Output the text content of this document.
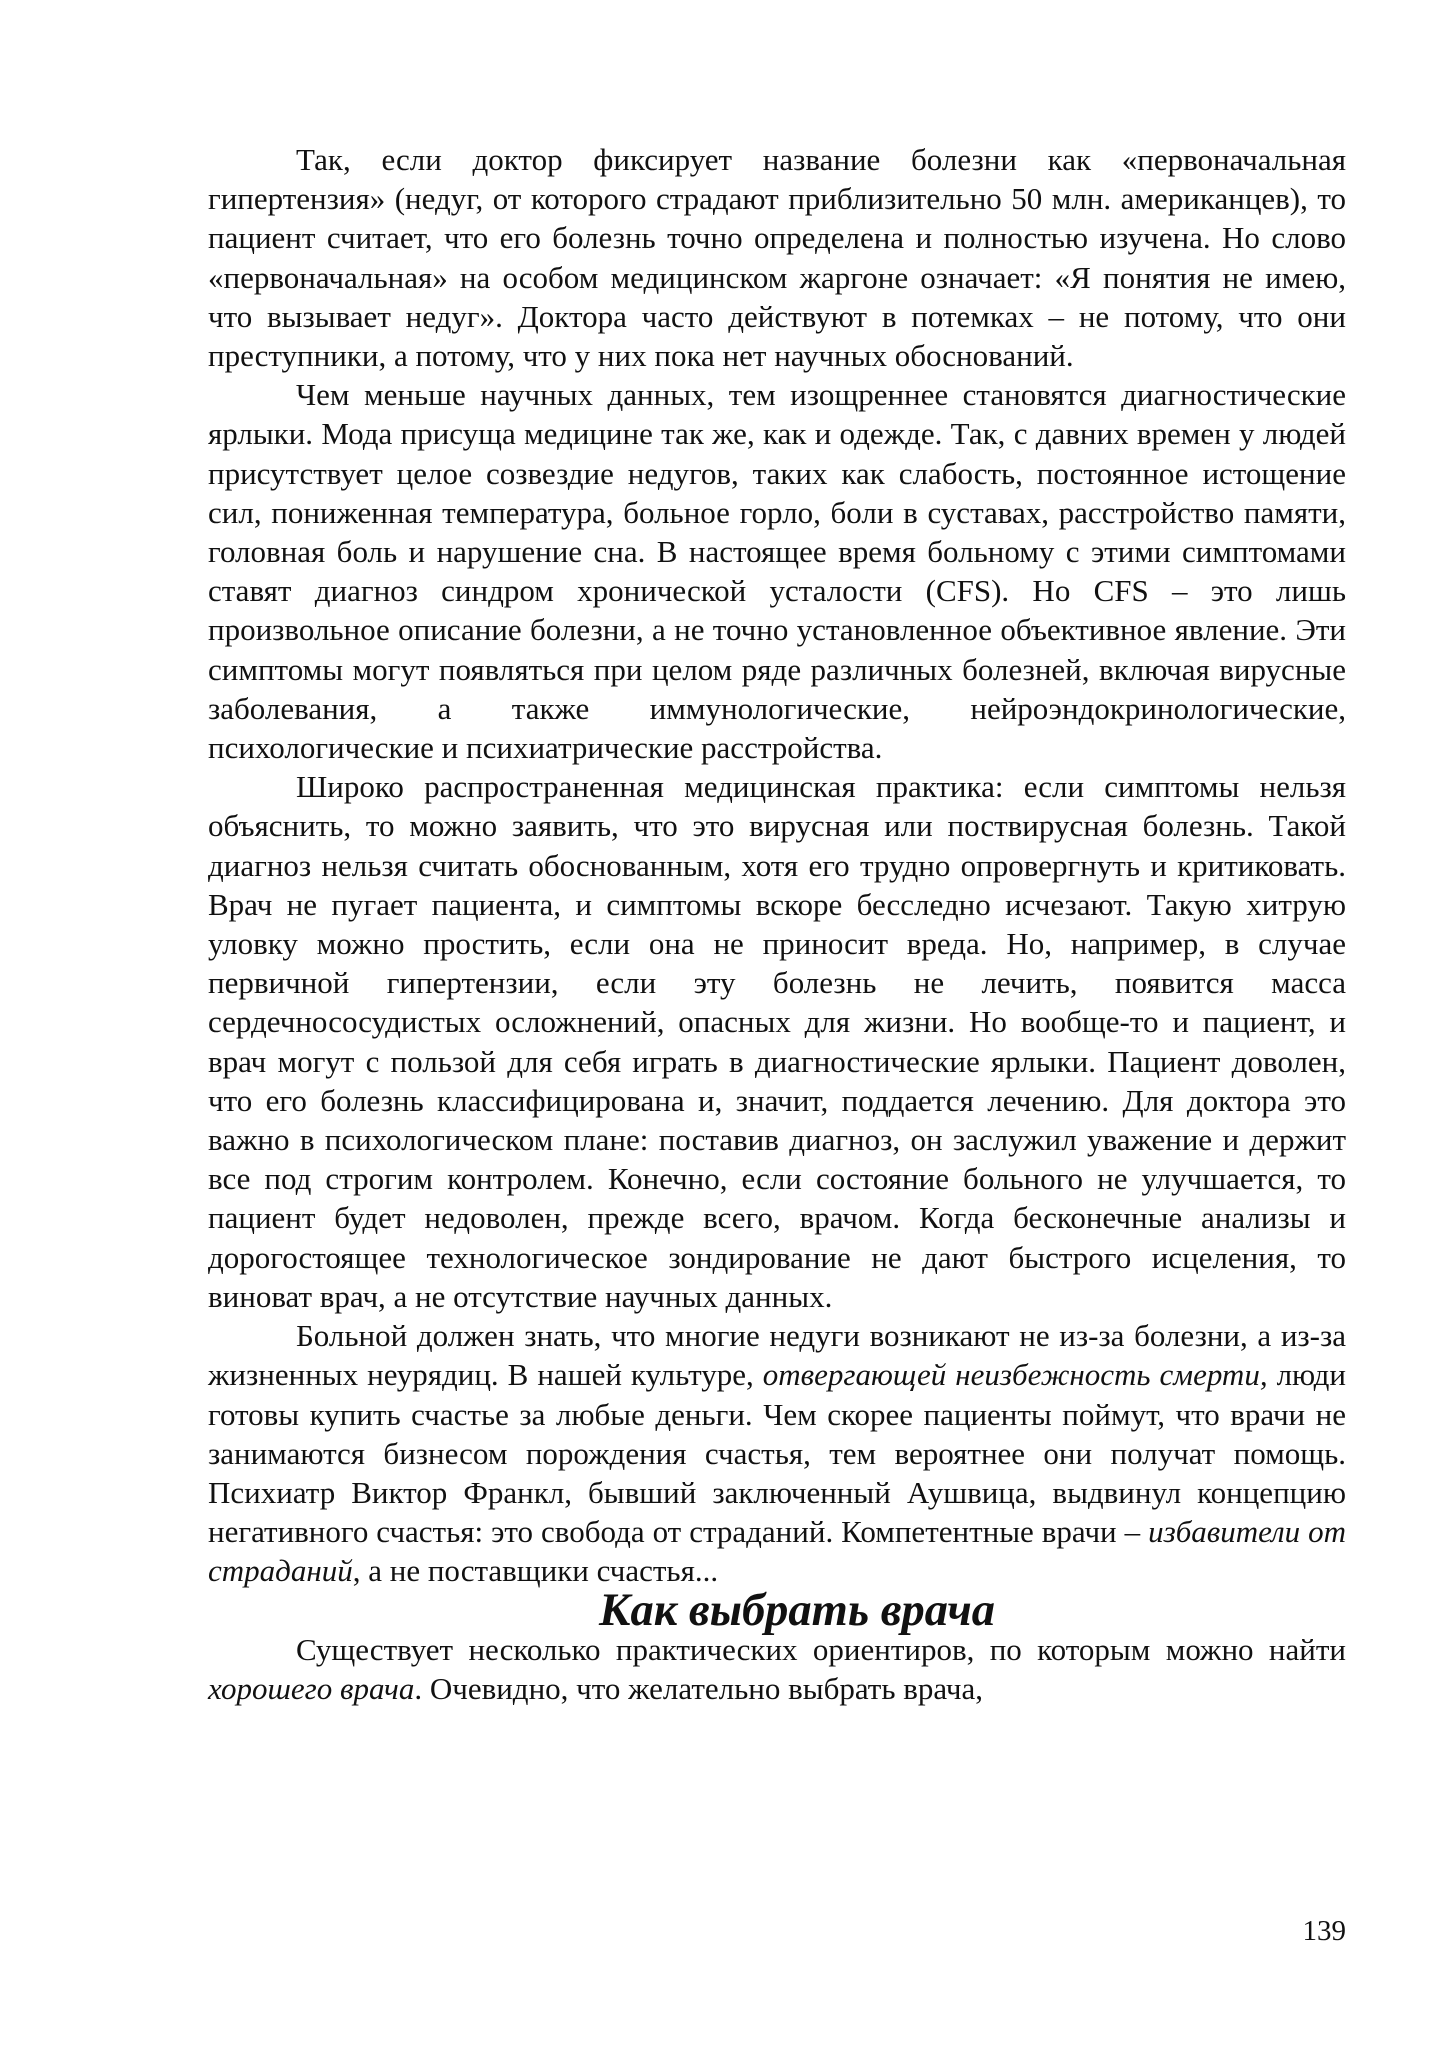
Так, если доктор фиксирует название болезни как «первоначальная гипертензия» (недуг, от которого страдают приблизительно 50 млн. американцев), то пациент считает, что его болезнь точно определена и полностью изучена. Но слово «первоначальная» на особом медицинском жаргоне означает: «Я понятия не имею, что вызывает недуг». Доктора часто действуют в потемках – не потому, что они преступники, а потому, что у них пока нет научных обоснований.

Чем меньше научных данных, тем изощреннее становятся диагностические ярлыки. Мода присуща медицине так же, как и одежде. Так, с давних времен у людей присутствует целое созвездие недугов, таких как слабость, постоянное истощение сил, пониженная температура, больное горло, боли в суставах, расстройство памяти, головная боль и нарушение сна. В настоящее время больному с этими симптомами ставят диагноз синдром хронической усталости (CFS). Но CFS – это лишь произвольное описание болезни, а не точно установленное объективное явление. Эти симптомы могут появляться при целом ряде различных болезней, включая вирусные заболевания, а также иммунологические, нейроэндокринологические, психологические и психиатрические расстройства.

Широко распространенная медицинская практика: если симптомы нельзя объяснить, то можно заявить, что это вирусная или поствирусная болезнь. Такой диагноз нельзя считать обоснованным, хотя его трудно опровергнуть и критиковать. Врач не пугает пациента, и симптомы вскоре бесследно исчезают. Такую хитрую уловку можно простить, если она не приносит вреда. Но, например, в случае первичной гипертензии, если эту болезнь не лечить, появится масса сердечнососудистых осложнений, опасных для жизни. Но вообще-то и пациент, и врач могут с пользой для себя играть в диагностические ярлыки. Пациент доволен, что его болезнь классифицирована и, значит, поддается лечению. Для доктора это важно в психологическом плане: поставив диагноз, он заслужил уважение и держит все под строгим контролем. Конечно, если состояние больного не улучшается, то пациент будет недоволен, прежде всего, врачом. Когда бесконечные анализы и дорогостоящее технологическое зондирование не дают быстрого исцеления, то виноват врач, а не отсутствие научных данных.

Больной должен знать, что многие недуги возникают не из-за болезни, а из-за жизненных неурядиц. В нашей культуре, отвергающей неизбежность смерти, люди готовы купить счастье за любые деньги. Чем скорее пациенты поймут, что врачи не занимаются бизнесом порождения счастья, тем вероятнее они получат помощь. Психиатр Виктор Франкл, бывший заключенный Аушвица, выдвинул концепцию негативного счастья: это свобода от страданий. Компетентные врачи – избавители от страданий, а не поставщики счастья...

Как выбрать врача

Существует несколько практических ориентиров, по которым можно найти хорошего врача. Очевидно, что желательно выбрать врача,

139
